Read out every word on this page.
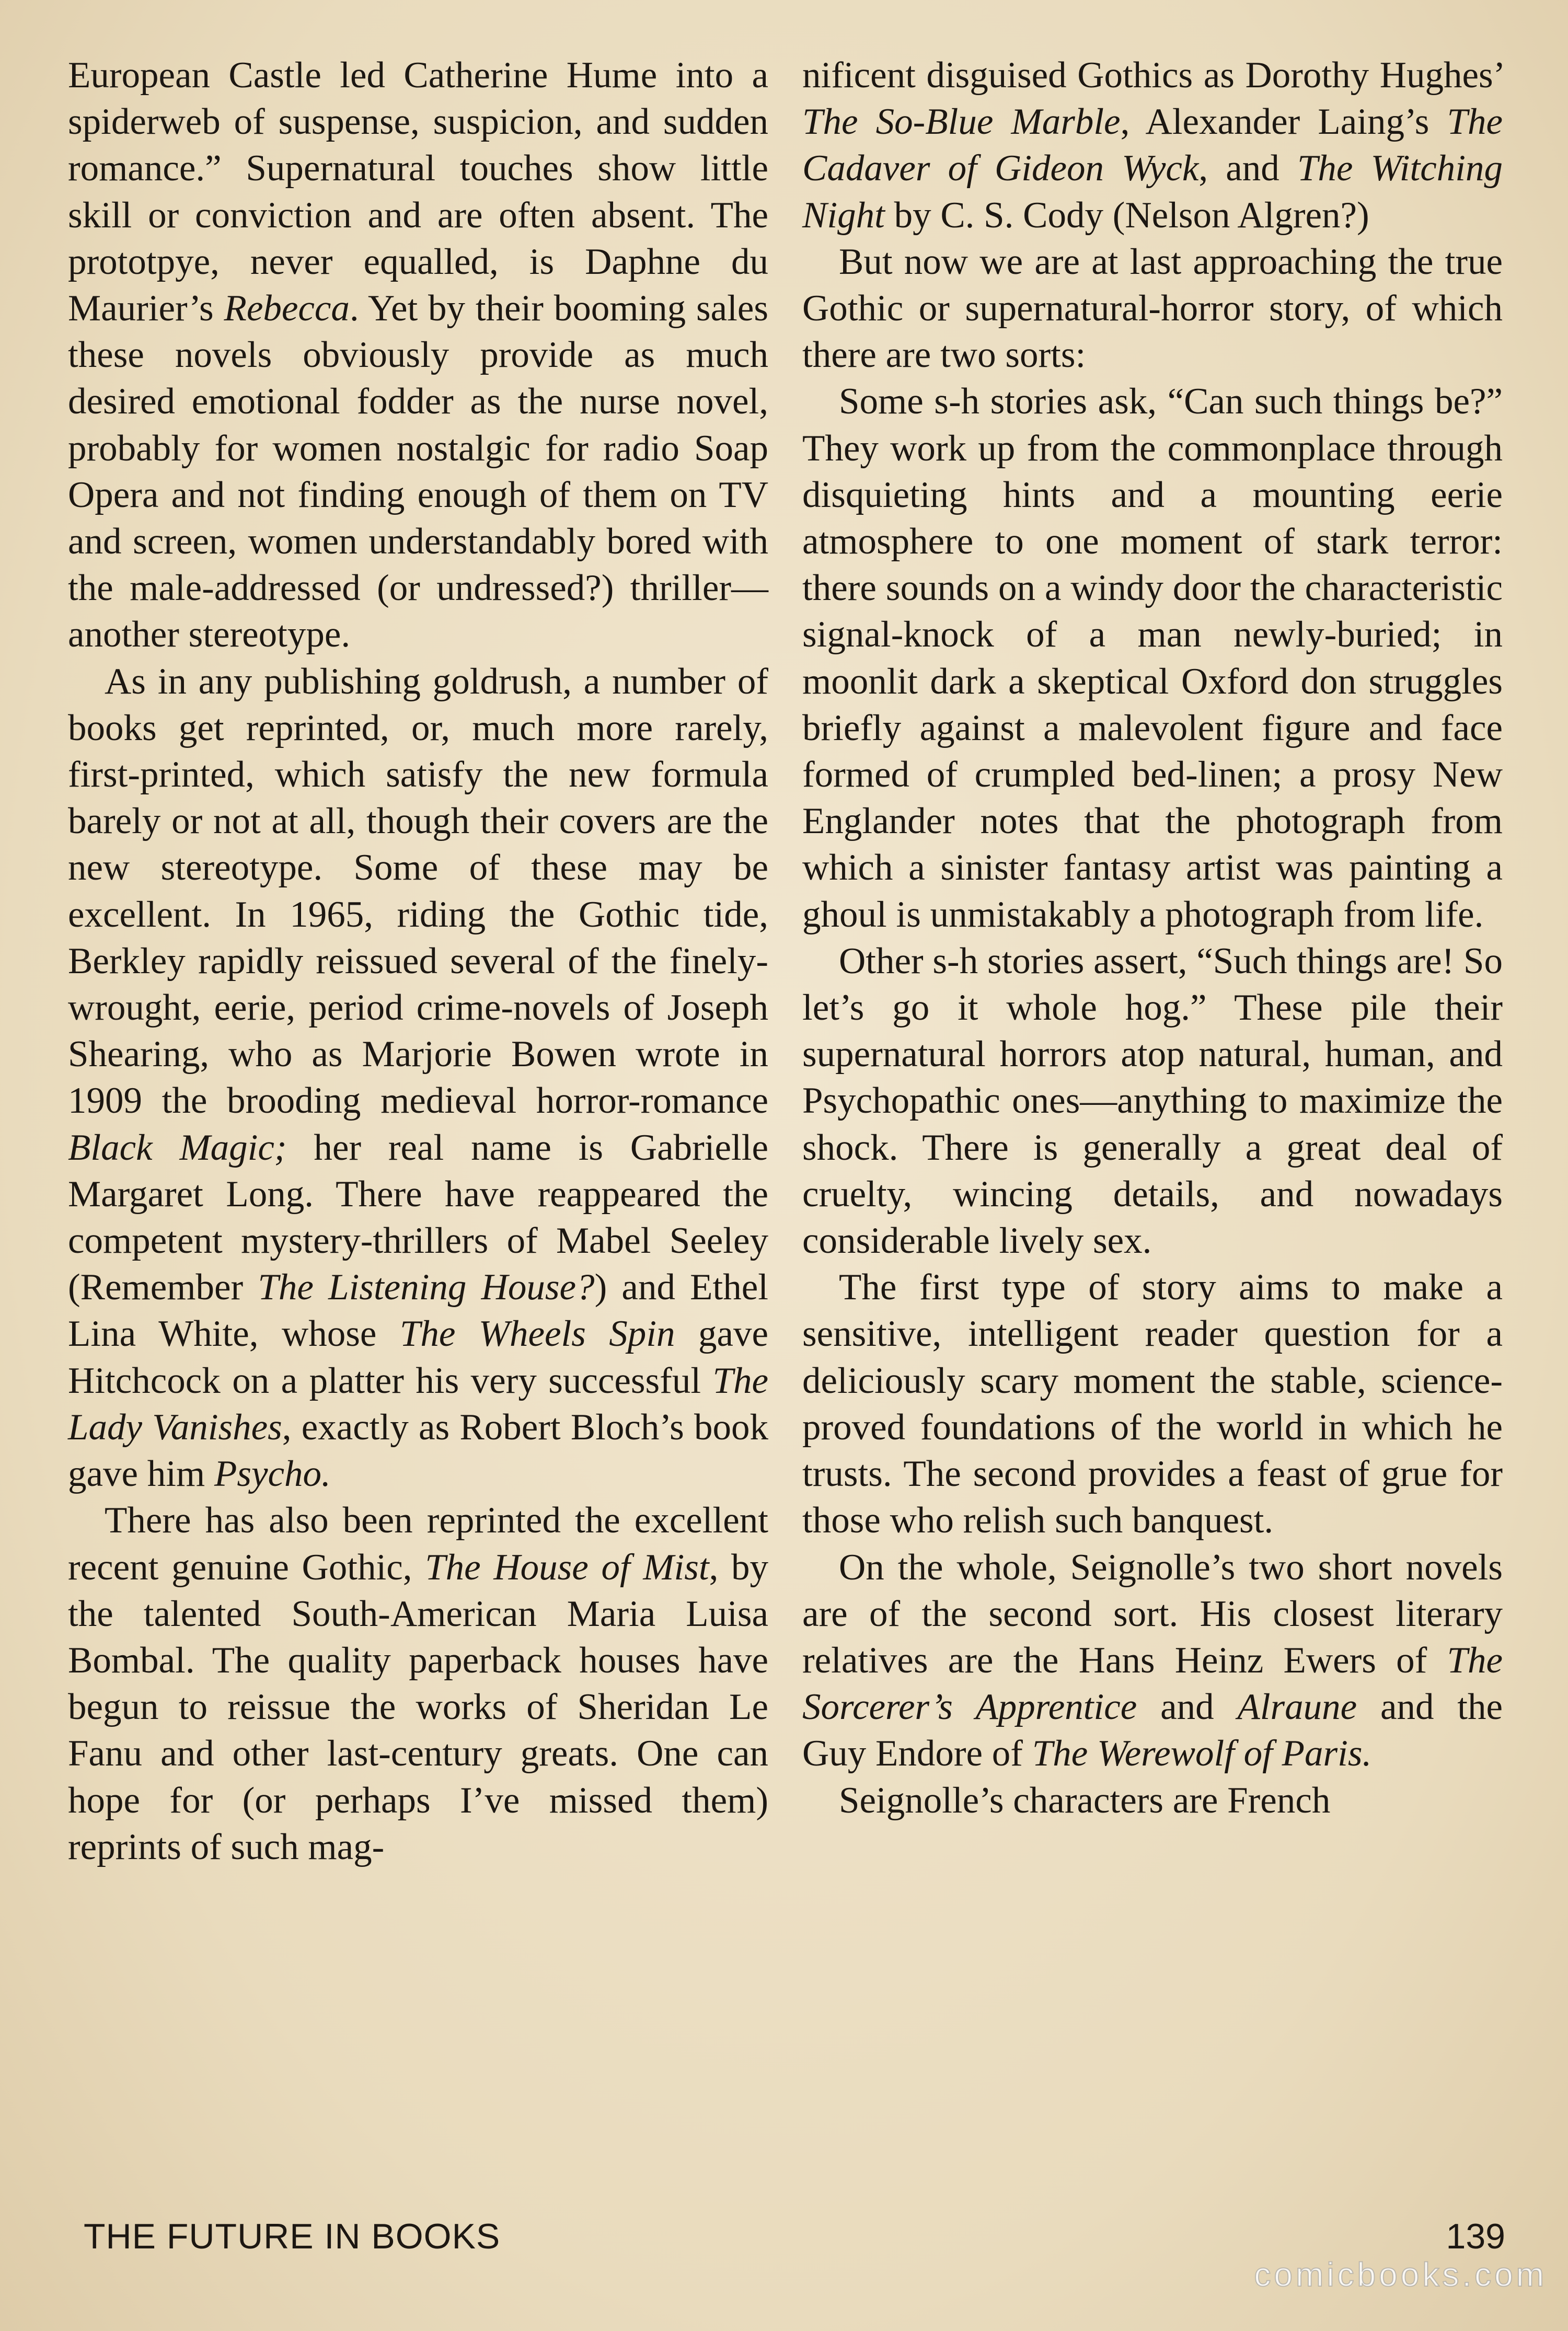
European Castle led Catherine Hume into a spiderweb of suspense, suspicion, and sudden romance.” Supernatural touches show little skill or conviction and are often absent. The prototpye, never equalled, is Daphne du Maurier’s Rebecca. Yet by their booming sales these novels obviously provide as much desired emotional fodder as the nurse novel, probably for women nostalgic for radio Soap Opera and not finding enough of them on TV and screen, women understandably bored with the male-addressed (or undressed?) thriller—another stereotype.

As in any publishing goldrush, a number of books get reprinted, or, much more rarely, first-printed, which satisfy the new formula barely or not at all, though their covers are the new stereotype. Some of these may be excellent. In 1965, riding the Gothic tide, Berkley rapidly reissued several of the finely-wrought, eerie, period crime-novels of Joseph Shearing, who as Marjorie Bowen wrote in 1909 the brooding medieval horror-romance Black Magic; her real name is Gabrielle Margaret Long. There have reappeared the competent mystery-thrillers of Mabel Seeley (Remember The Listening House?) and Ethel Lina White, whose The Wheels Spin gave Hitchcock on a platter his very successful The Lady Vanishes, exactly as Robert Bloch’s book gave him Psycho.

There has also been reprinted the excellent recent genuine Gothic, The House of Mist, by the talented South-American Maria Luisa Bombal. The quality paperback houses have begun to reissue the works of Sheridan Le Fanu and other last-century greats. One can hope for (or perhaps I’ve missed them) reprints of such mag-

nificent disguised Gothics as Dorothy Hughes’ The So-Blue Marble, Alexander Laing’s The Cadaver of Gideon Wyck, and The Witching Night by C. S. Cody (Nelson Algren?)

But now we are at last approaching the true Gothic or supernatural-horror story, of which there are two sorts:

Some s-h stories ask, “Can such things be?” They work up from the commonplace through disquieting hints and a mounting eerie atmosphere to one moment of stark terror: there sounds on a windy door the characteristic signal-knock of a man newly-buried; in moonlit dark a skeptical Oxford don struggles briefly against a malevolent figure and face formed of crumpled bed-linen; a prosy New Englander notes that the photograph from which a sinister fantasy artist was painting a ghoul is unmistakably a photograph from life.

Other s-h stories assert, “Such things are! So let’s go it whole hog.” These pile their supernatural horrors atop natural, human, and Psychopathic ones—anything to maximize the shock. There is generally a great deal of cruelty, wincing details, and nowadays considerable lively sex.

The first type of story aims to make a sensitive, intelligent reader question for a deliciously scary moment the stable, science-proved foundations of the world in which he trusts. The second provides a feast of grue for those who relish such banquest.

On the whole, Seignolle’s two short novels are of the second sort. His closest literary relatives are the Hans Heinz Ewers of The Sorcerer’s Apprentice and Alraune and the Guy Endore of The Werewolf of Paris.

Seignolle’s characters are French

THE FUTURE IN BOOKS	139
comicbooks.com
